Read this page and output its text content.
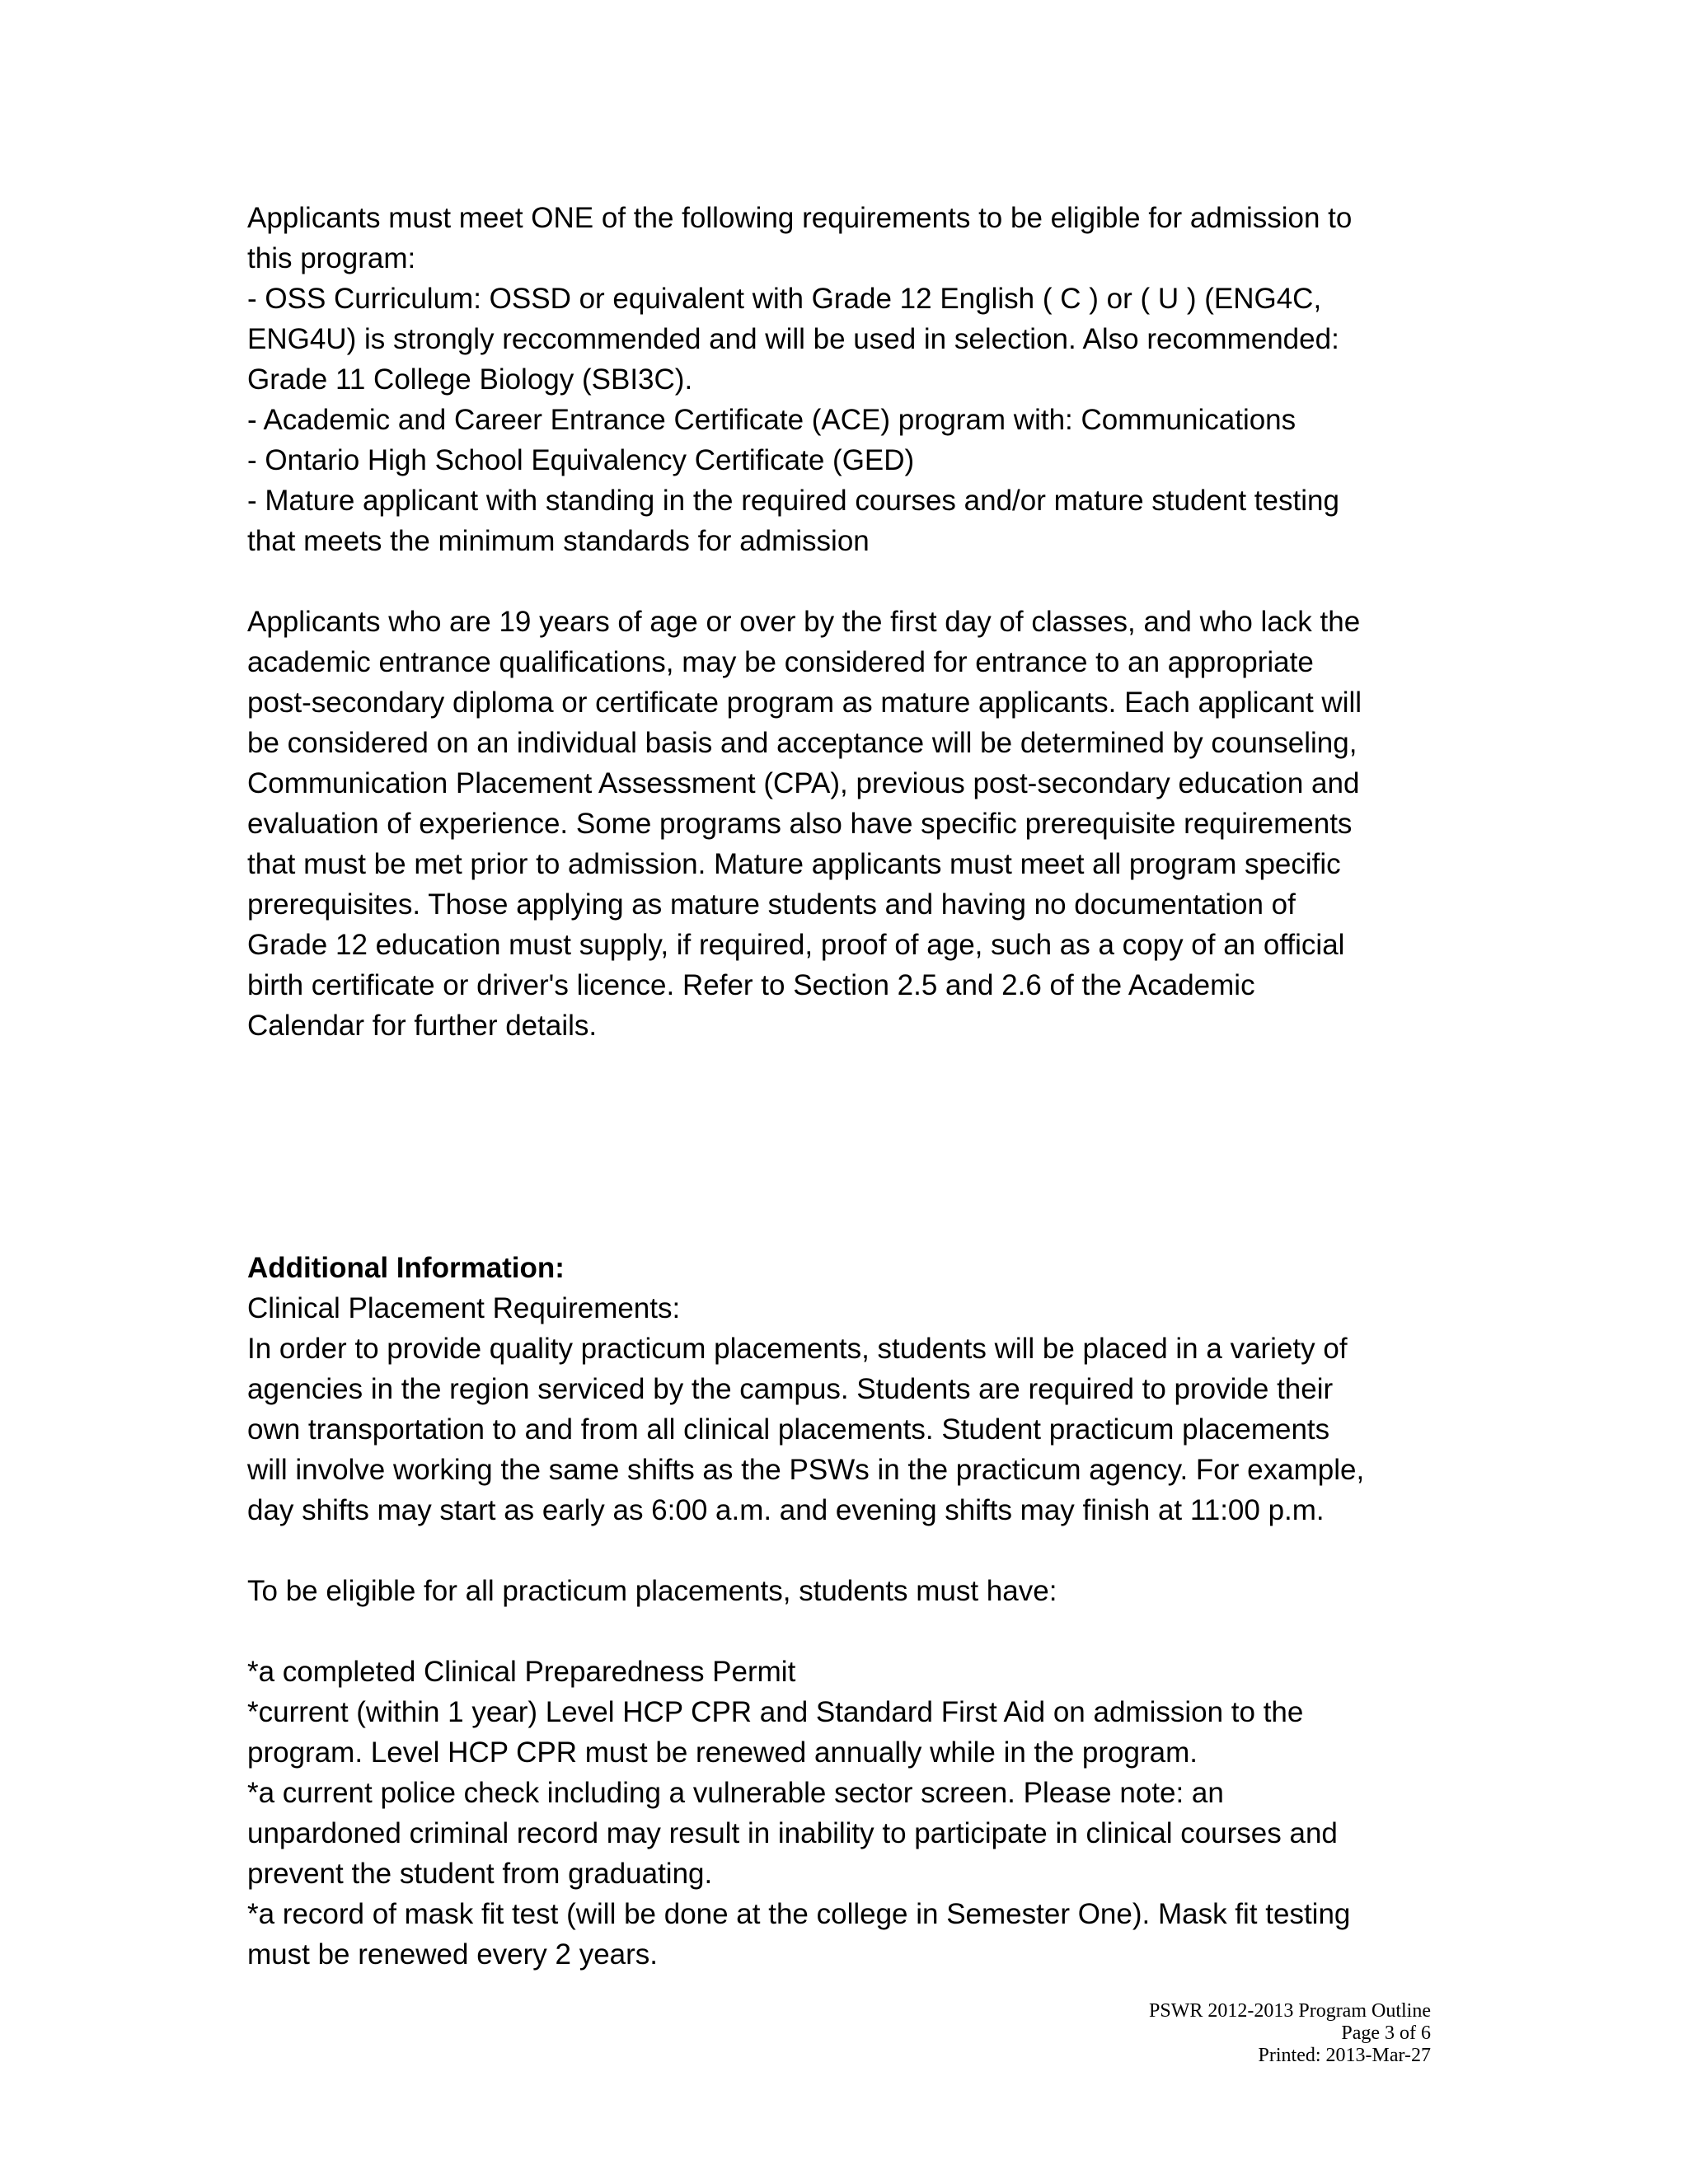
Applicants must meet ONE of the following requirements to be eligible for admission to
this program:
- OSS Curriculum: OSSD or equivalent with Grade 12 English ( C ) or ( U ) (ENG4C,
ENG4U) is strongly reccommended and will be used in selection. Also recommended:
Grade 11 College Biology (SBI3C).
- Academic and Career Entrance Certificate (ACE) program with: Communications
- Ontario High School Equivalency Certificate (GED)
- Mature applicant with standing in the required courses and/or mature student testing
that meets the minimum standards for admission
Applicants who are 19 years of age or over by the first day of classes, and who lack the
academic entrance qualifications, may be considered for entrance to an appropriate
post-secondary diploma or certificate program as mature applicants. Each applicant will
be considered on an individual basis and acceptance will be determined by counseling,
Communication Placement Assessment (CPA), previous post-secondary education and
evaluation of experience. Some programs also have specific prerequisite requirements
that must be met prior to admission. Mature applicants must meet all program specific
prerequisites. Those applying as mature students and having no documentation of
Grade 12 education must supply, if required, proof of age, such as a copy of an official
birth certificate or driver's licence. Refer to Section 2.5 and 2.6 of the Academic
Calendar for further details.
Additional Information:
Clinical Placement Requirements:
In order to provide quality practicum placements, students will be placed in a variety of
agencies in the region serviced by the campus. Students are required to provide their
own transportation to and from all clinical placements. Student practicum placements
will involve working the same shifts as the PSWs in the practicum agency. For example,
day shifts may start as early as 6:00 a.m. and evening shifts may finish at 11:00 p.m.
To be eligible for all practicum placements, students must have:
*a completed Clinical Preparedness Permit
*current (within 1 year) Level HCP CPR and Standard First Aid on admission to the
program. Level HCP CPR must be renewed annually while in the program.
*a current police check including a vulnerable sector screen. Please note: an
unpardoned criminal record may result in inability to participate in clinical courses and
prevent the student from graduating.
*a record of mask fit test (will be done at the college in Semester One). Mask fit testing
must be renewed every 2 years.
PSWR 2012-2013 Program Outline
Page 3 of 6
Printed: 2013-Mar-27
